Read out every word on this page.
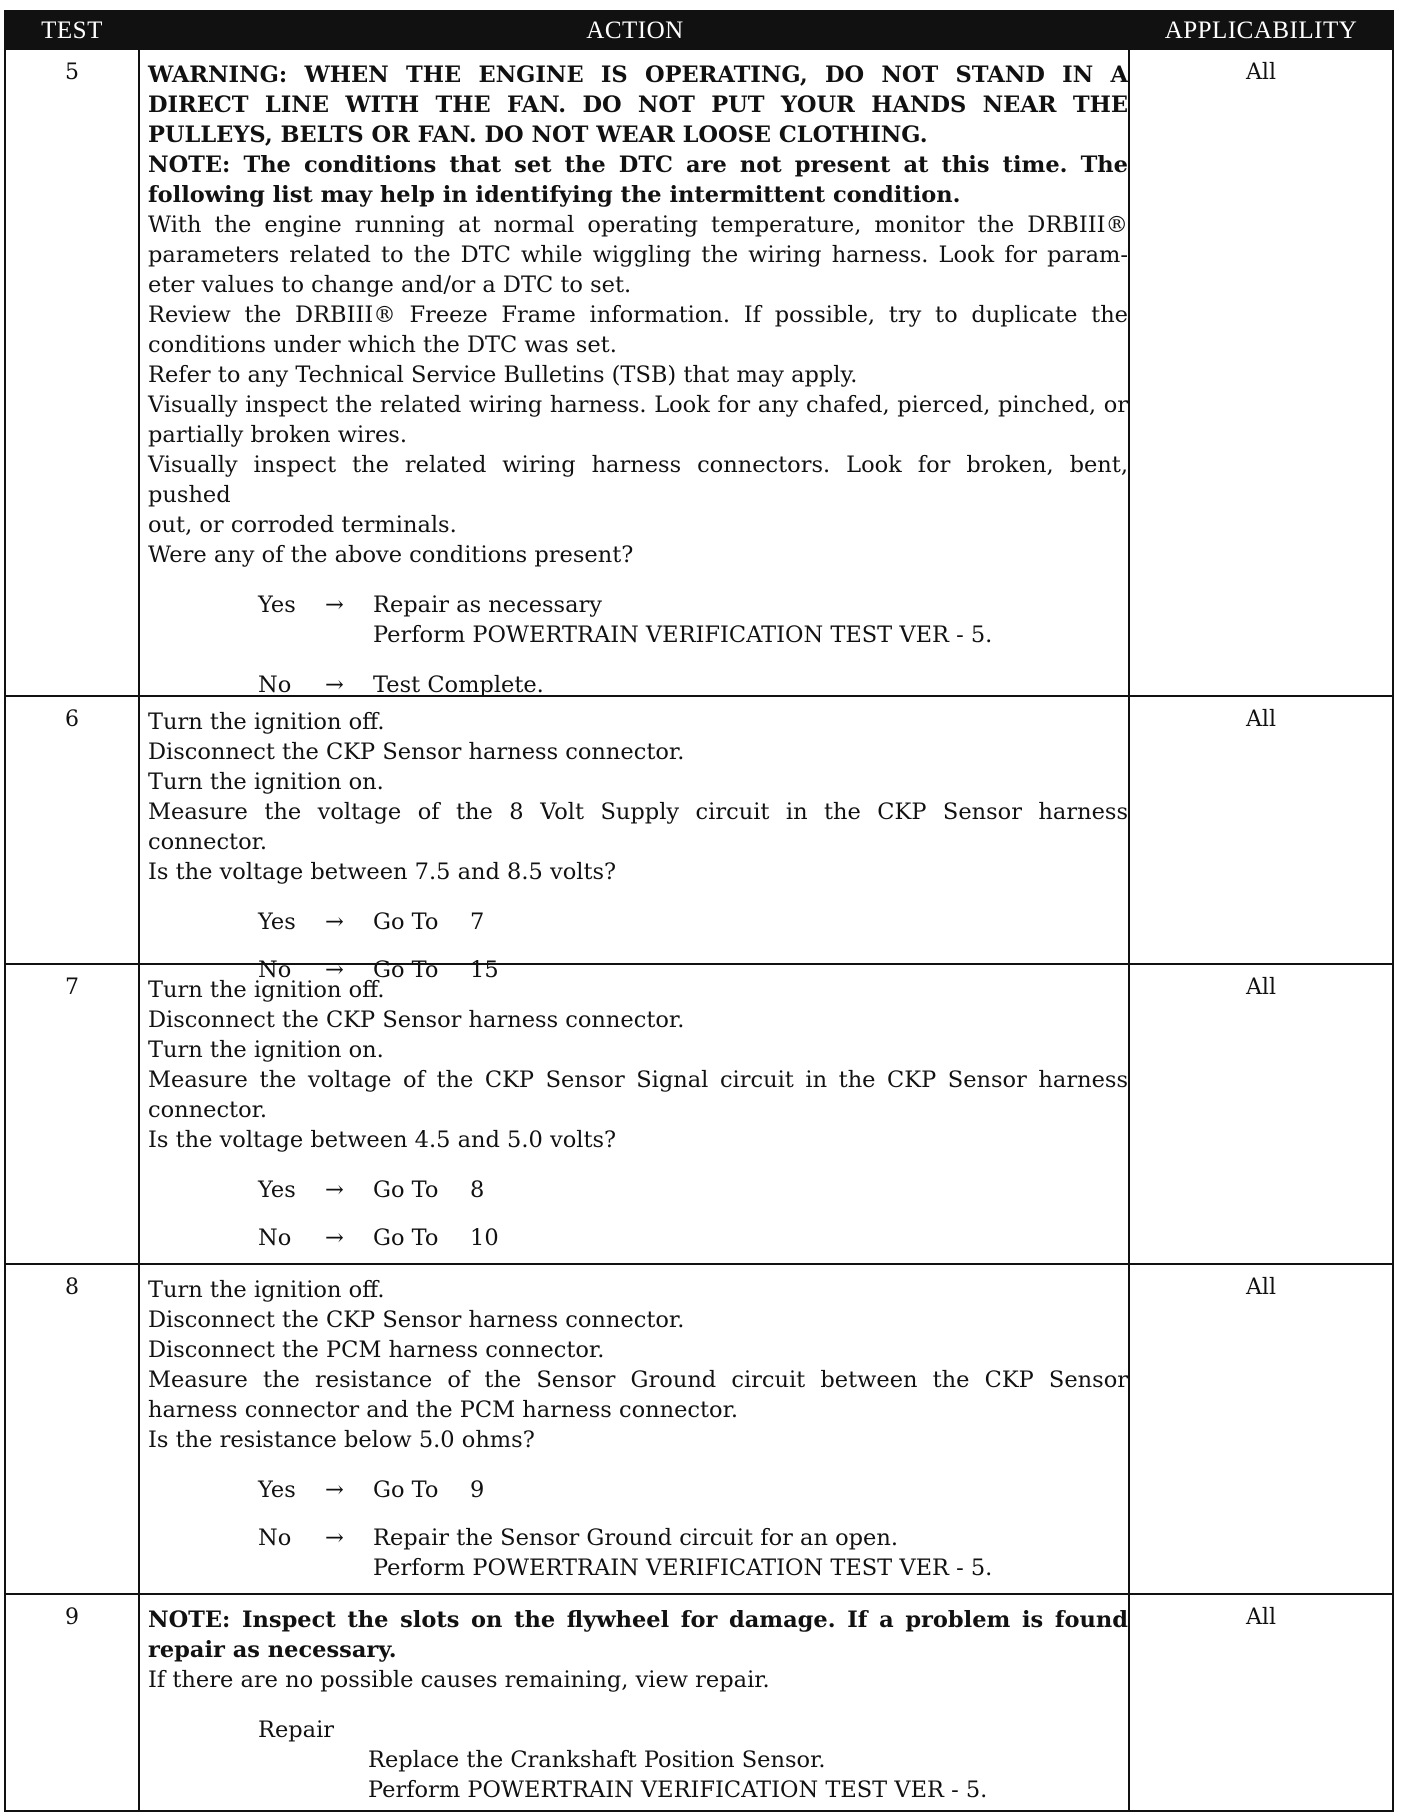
TEST	ACTION	APPLICABILITY
5	WARNING: WHEN THE ENGINE IS OPERATING, DO NOT STAND IN A
DIRECT LINE WITH THE FAN. DO NOT PUT YOUR HANDS NEAR THE
PULLEYS, BELTS OR FAN. DO NOT WEAR LOOSE CLOTHING.
NOTE: The conditions that set the DTC are not present at this time. The
following list may help in identifying the intermittent condition.
With the engine running at normal operating temperature, monitor the DRBIII®
parameters related to the DTC while wiggling the wiring harness. Look for param-
eter values to change and/or a DTC to set.
Review the DRBIII® Freeze Frame information. If possible, try to duplicate the
conditions under which the DTC was set.
Refer to any Technical Service Bulletins (TSB) that may apply.
Visually inspect the related wiring harness. Look for any chafed, pierced, pinched, or
partially broken wires.
Visually inspect the related wiring harness connectors. Look for broken, bent, pushed
out, or corroded terminals.
Were any of the above conditions present?
Yes → Repair as necessary
Perform POWERTRAIN VERIFICATION TEST VER - 5.
No → Test Complete.
All
6	Turn the ignition off.
Disconnect the CKP Sensor harness connector.
Turn the ignition on.
Measure the voltage of the 8 Volt Supply circuit in the CKP Sensor harness connector.
Is the voltage between 7.5 and 8.5 volts?
Yes → Go To 7
No → Go To 15
All
7	Turn the ignition off.
Disconnect the CKP Sensor harness connector.
Turn the ignition on.
Measure the voltage of the CKP Sensor Signal circuit in the CKP Sensor harness
connector.
Is the voltage between 4.5 and 5.0 volts?
Yes → Go To 8
No → Go To 10
All
8	Turn the ignition off.
Disconnect the CKP Sensor harness connector.
Disconnect the PCM harness connector.
Measure the resistance of the Sensor Ground circuit between the CKP Sensor
harness connector and the PCM harness connector.
Is the resistance below 5.0 ohms?
Yes → Go To 9
No → Repair the Sensor Ground circuit for an open.
Perform POWERTRAIN VERIFICATION TEST VER - 5.
All
9	NOTE: Inspect the slots on the flywheel for damage. If a problem is found
repair as necessary.
If there are no possible causes remaining, view repair.
Repair
Replace the Crankshaft Position Sensor.
Perform POWERTRAIN VERIFICATION TEST VER - 5.
All
